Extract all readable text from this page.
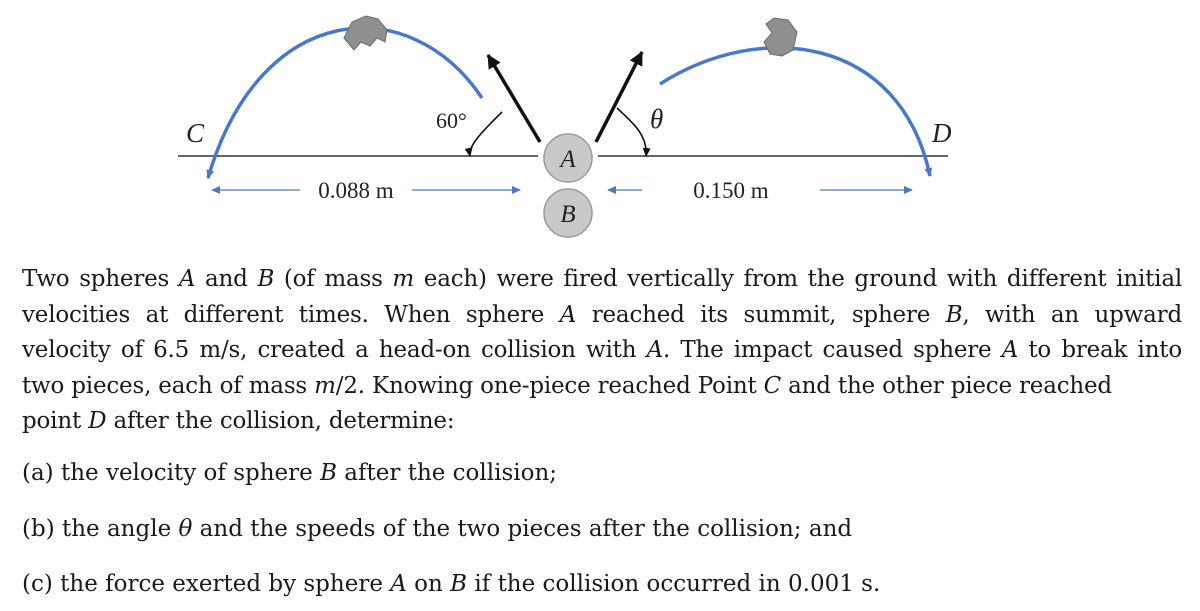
C	D
A
B
60°	θ
0.088 m	0.150 m

Two spheres A and B (of mass m each) were fired vertically from the ground with different initial
velocities at different times. When sphere A reached its summit, sphere B, with an upward
velocity of 6.5 m/s, created a head-on collision with A. The impact caused sphere A to break into
two pieces, each of mass m/2. Knowing one-piece reached Point C and the other piece reached
point D after the collision, determine:

(a) the velocity of sphere B after the collision;

(b) the angle θ and the speeds of the two pieces after the collision; and

(c) the force exerted by sphere A on B if the collision occurred in 0.001 s.
